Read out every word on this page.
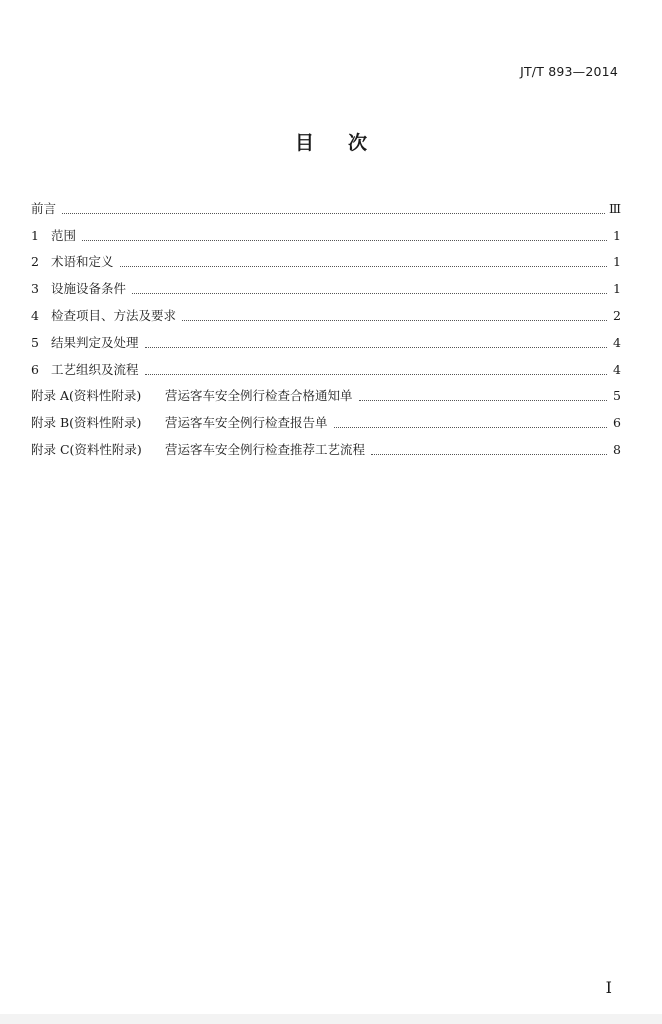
JT/T 893—2014
目次
前言	Ⅲ
1 范围	1
2 术语和定义	1
3 设施设备条件	1
4 检查项目、方法及要求	2
5 结果判定及处理	4
6 工艺组织及流程	4
附录 A(资料性附录)	营运客车安全例行检查合格通知单	5
附录 B(资料性附录)	营运客车安全例行检查报告单	6
附录 C(资料性附录)	营运客车安全例行检查推荐工艺流程	8
I
